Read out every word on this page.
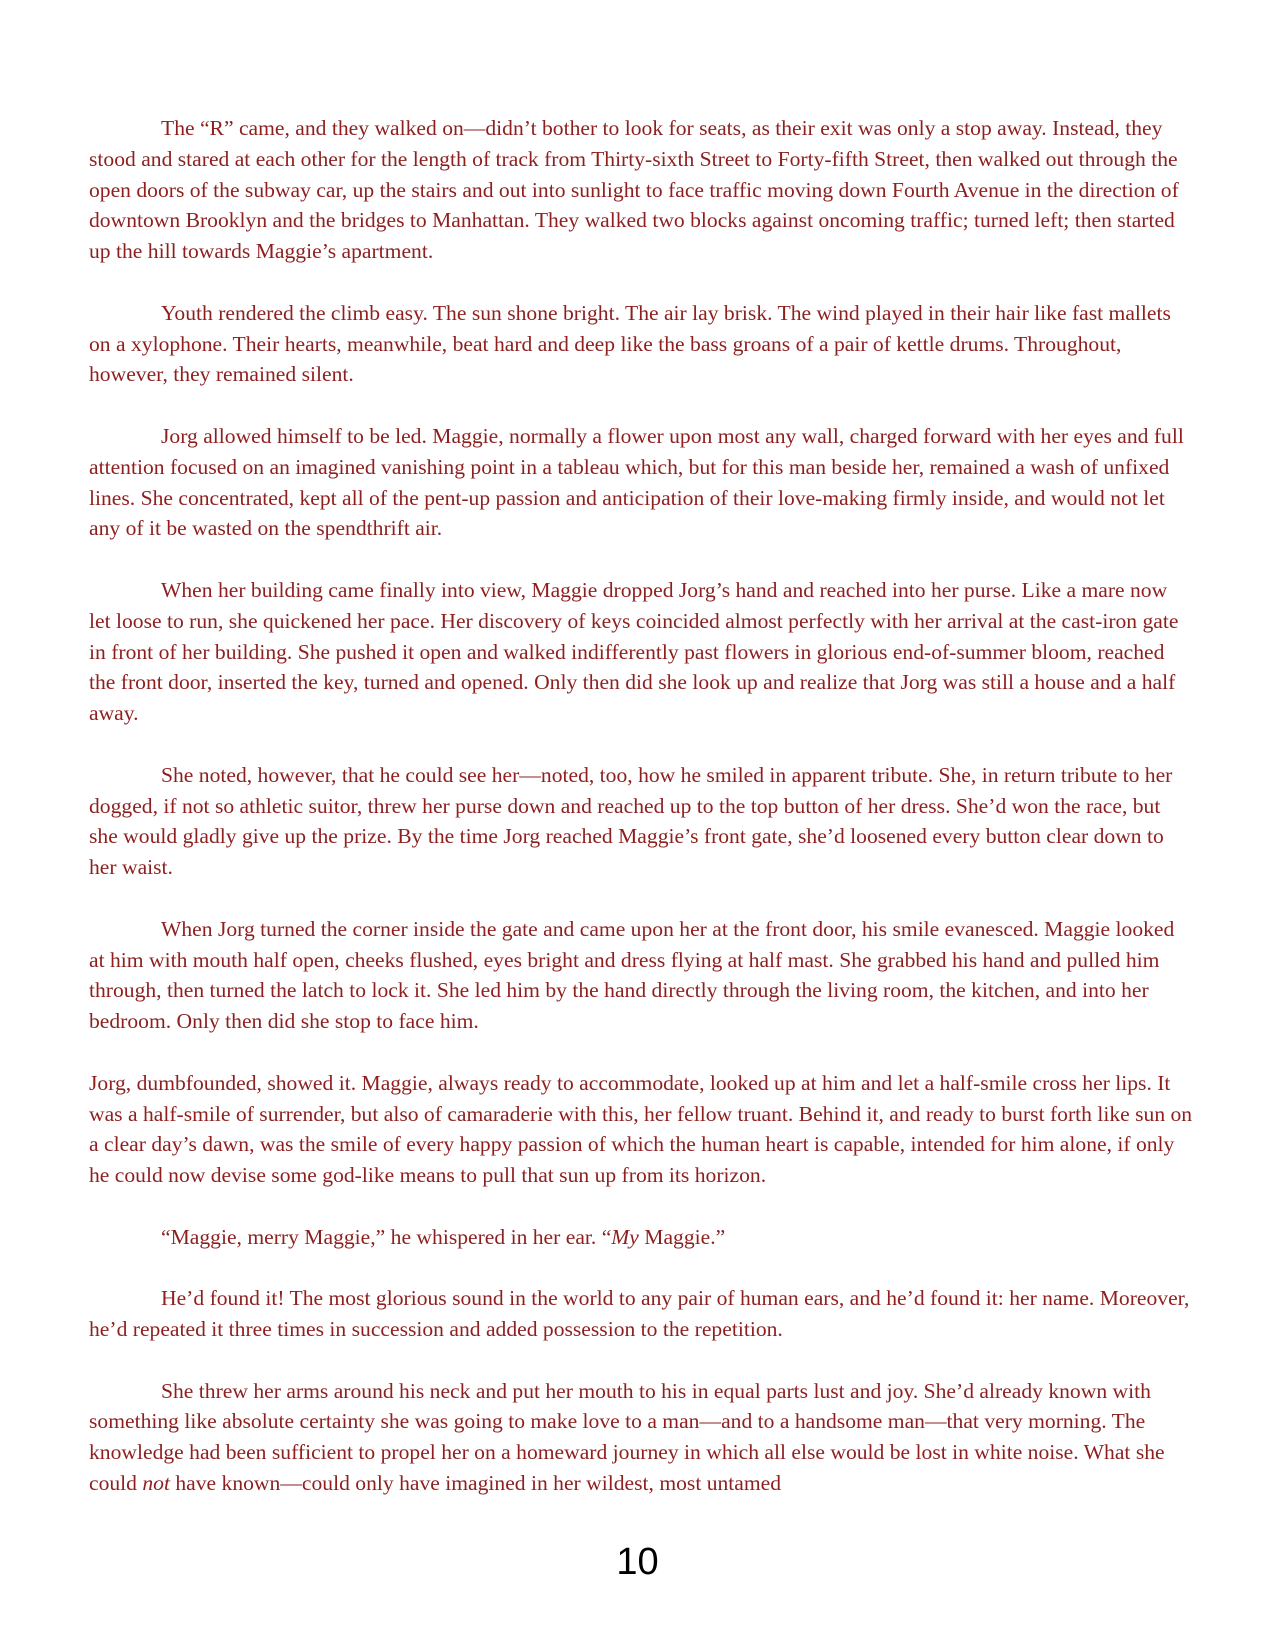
The “R” came, and they walked on—didn’t bother to look for seats, as their exit was only a stop away. Instead, they stood and stared at each other for the length of track from Thirty-sixth Street to Forty-fifth Street, then walked out through the open doors of the subway car, up the stairs and out into sunlight to face traffic moving down Fourth Avenue in the direction of downtown Brooklyn and the bridges to Manhattan. They walked two blocks against oncoming traffic; turned left; then started up the hill towards Maggie’s apartment.

Youth rendered the climb easy. The sun shone bright. The air lay brisk. The wind played in their hair like fast mallets on a xylophone. Their hearts, meanwhile, beat hard and deep like the bass groans of a pair of kettle drums. Throughout, however, they remained silent.

Jorg allowed himself to be led. Maggie, normally a flower upon most any wall, charged forward with her eyes and full attention focused on an imagined vanishing point in a tableau which, but for this man beside her, remained a wash of unfixed lines. She concentrated, kept all of the pent-up passion and anticipation of their love-making firmly inside, and would not let any of it be wasted on the spendthrift air.

When her building came finally into view, Maggie dropped Jorg’s hand and reached into her purse. Like a mare now let loose to run, she quickened her pace. Her discovery of keys coincided almost perfectly with her arrival at the cast-iron gate in front of her building. She pushed it open and walked indifferently past flowers in glorious end-of-summer bloom, reached the front door, inserted the key, turned and opened. Only then did she look up and realize that Jorg was still a house and a half away.

She noted, however, that he could see her—noted, too, how he smiled in apparent tribute. She, in return tribute to her dogged, if not so athletic suitor, threw her purse down and reached up to the top button of her dress. She’d won the race, but she would gladly give up the prize. By the time Jorg reached Maggie’s front gate, she’d loosened every button clear down to her waist.

When Jorg turned the corner inside the gate and came upon her at the front door, his smile evanesced. Maggie looked at him with mouth half open, cheeks flushed, eyes bright and dress flying at half mast. She grabbed his hand and pulled him through, then turned the latch to lock it. She led him by the hand directly through the living room, the kitchen, and into her bedroom. Only then did she stop to face him.

Jorg, dumbfounded, showed it. Maggie, always ready to accommodate, looked up at him and let a half-smile cross her lips. It was a half-smile of surrender, but also of camaraderie with this, her fellow truant. Behind it, and ready to burst forth like sun on a clear day’s dawn, was the smile of every happy passion of which the human heart is capable, intended for him alone, if only he could now devise some god-like means to pull that sun up from its horizon.

“Maggie, merry Maggie,” he whispered in her ear. “My Maggie.”

He’d found it! The most glorious sound in the world to any pair of human ears, and he’d found it: her name. Moreover, he’d repeated it three times in succession and added possession to the repetition.

She threw her arms around his neck and put her mouth to his in equal parts lust and joy. She’d already known with something like absolute certainty she was going to make love to a man—and to a handsome man—that very morning. The knowledge had been sufficient to propel her on a homeward journey in which all else would be lost in white noise. What she could not have known—could only have imagined in her wildest, most untamed

10
